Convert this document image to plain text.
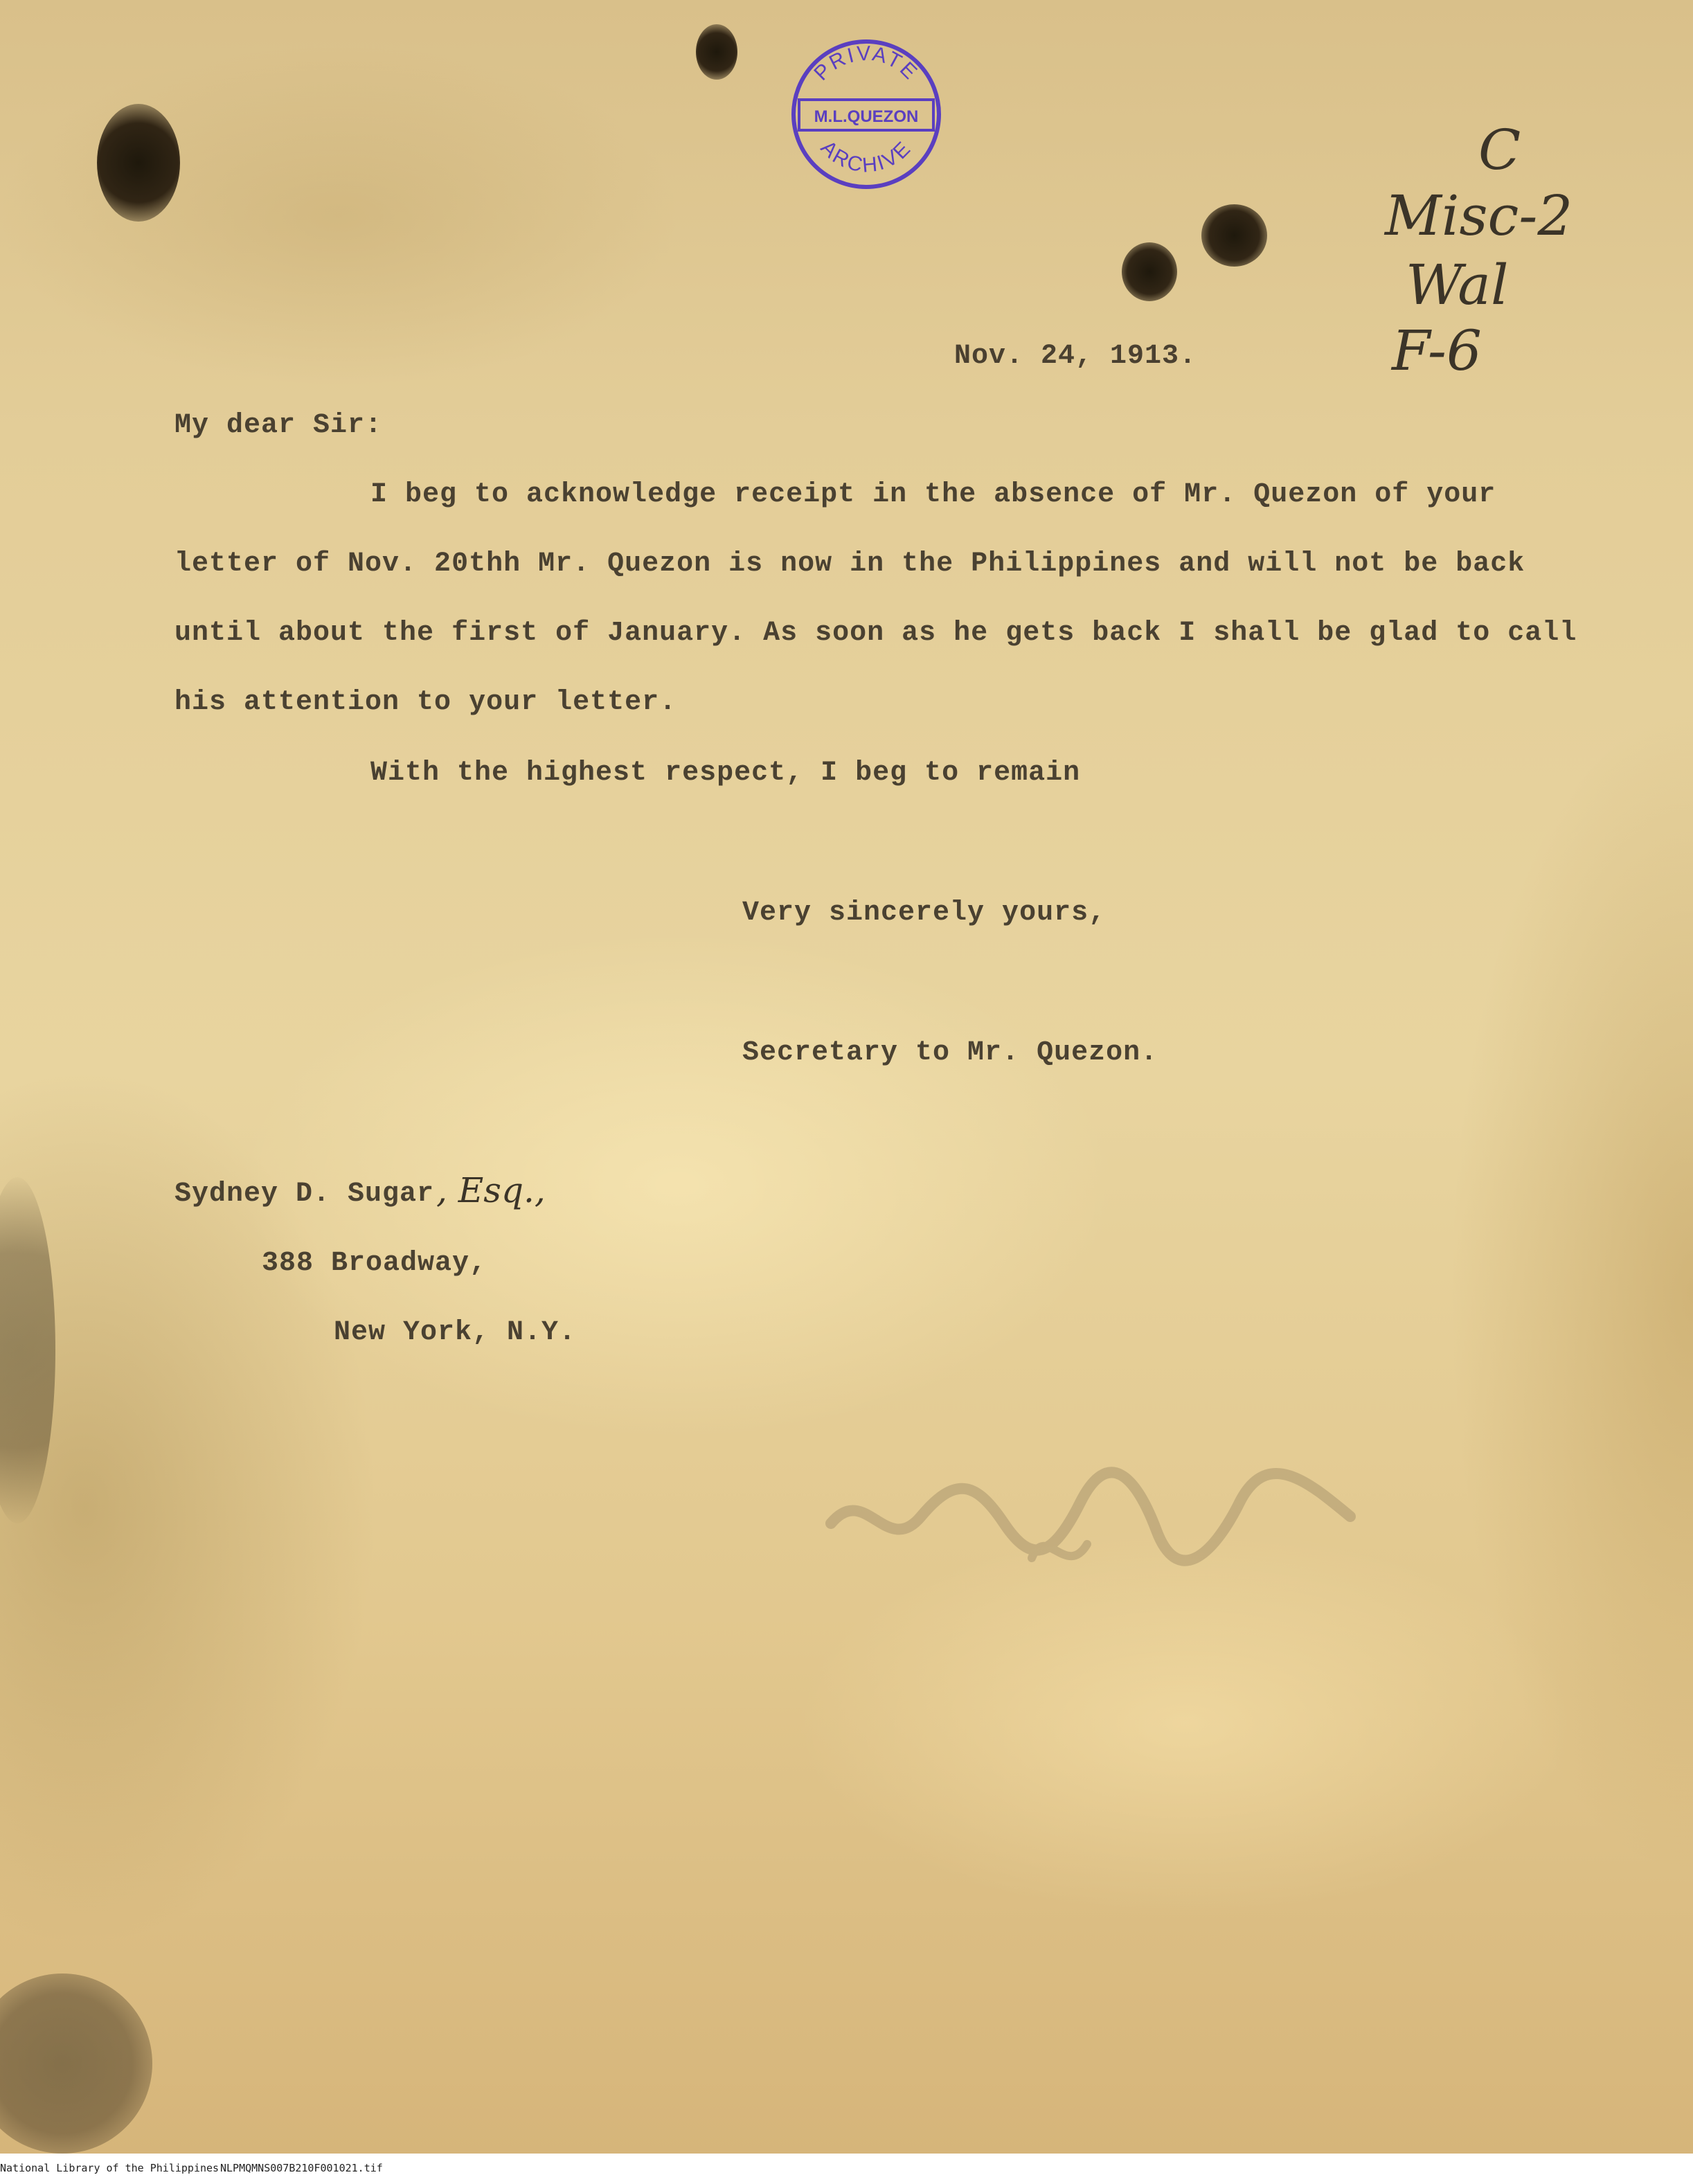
PRIVATE
M.L.QUEZON
ARCHIVE	C
Misc-2
Wal
F-6
Nov. 24, 1913.
My dear Sir:
I beg to acknowledge receipt in the absence of Mr. Quezon of your
letter of Nov. 20thh Mr. Quezon is now in the Philippines and will not be back
until about the first of January. As soon as he gets back I shall be glad to call
his attention to your letter.
With the highest respect, I beg to remain
Very sincerely yours,
Secretary to Mr. Quezon.
Sydney D. Sugar , Esq.,
388 Broadway,
New York, N.Y.
National Library of the Philippines NLPMQMNS007B210F001021.tif
